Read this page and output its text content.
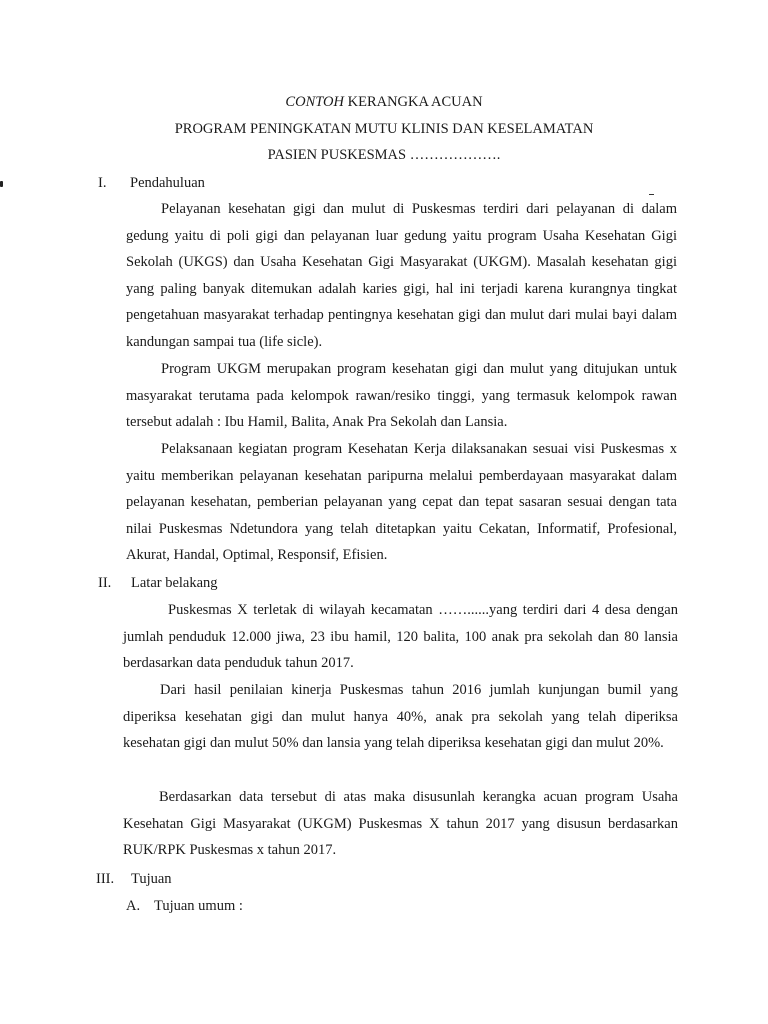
CONTOH KERANGKA ACUAN
PROGRAM PENINGKATAN MUTU KLINIS DAN KESELAMATAN
PASIEN PUSKESMAS ……………….
I. Pendahuluan

Pelayanan kesehatan gigi dan mulut di Puskesmas terdiri dari pelayanan di dalam gedung yaitu di poli gigi dan pelayanan luar gedung yaitu program Usaha Kesehatan Gigi Sekolah (UKGS) dan Usaha Kesehatan Gigi Masyarakat (UKGM). Masalah kesehatan gigi yang paling banyak ditemukan adalah karies gigi, hal ini terjadi karena kurangnya tingkat pengetahuan masyarakat terhadap pentingnya kesehatan gigi dan mulut dari mulai bayi dalam kandungan sampai tua (life sicle).

Program UKGM merupakan program kesehatan gigi dan mulut yang ditujukan untuk masyarakat terutama pada kelompok rawan/resiko tinggi, yang termasuk kelompok rawan tersebut adalah : Ibu Hamil, Balita, Anak Pra Sekolah dan Lansia.

Pelaksanaan kegiatan program Kesehatan Kerja dilaksanakan sesuai visi Puskesmas x yaitu memberikan pelayanan kesehatan paripurna melalui pemberdayaan masyarakat dalam pelayanan kesehatan, pemberian pelayanan yang cepat dan tepat sasaran sesuai dengan tata nilai Puskesmas Ndetundora yang telah ditetapkan yaitu Cekatan, Informatif, Profesional, Akurat, Handal, Optimal, Responsif, Efisien.

II. Latar belakang

Puskesmas X terletak di wilayah kecamatan ……......yang terdiri dari 4 desa dengan jumlah penduduk 12.000 jiwa, 23 ibu hamil, 120 balita, 100 anak pra sekolah dan 80 lansia berdasarkan data penduduk tahun 2017.

Dari hasil penilaian kinerja Puskesmas tahun 2016 jumlah kunjungan bumil yang diperiksa kesehatan gigi dan mulut hanya 40%, anak pra sekolah yang telah diperiksa kesehatan gigi dan mulut 50% dan lansia yang telah diperiksa kesehatan gigi dan mulut 20%.

Berdasarkan data tersebut di atas maka disusunlah kerangka acuan program Usaha Kesehatan Gigi Masyarakat (UKGM) Puskesmas X tahun 2017 yang disusun berdasarkan RUK/RPK Puskesmas x tahun 2017.

III. Tujuan
A. Tujuan umum :
